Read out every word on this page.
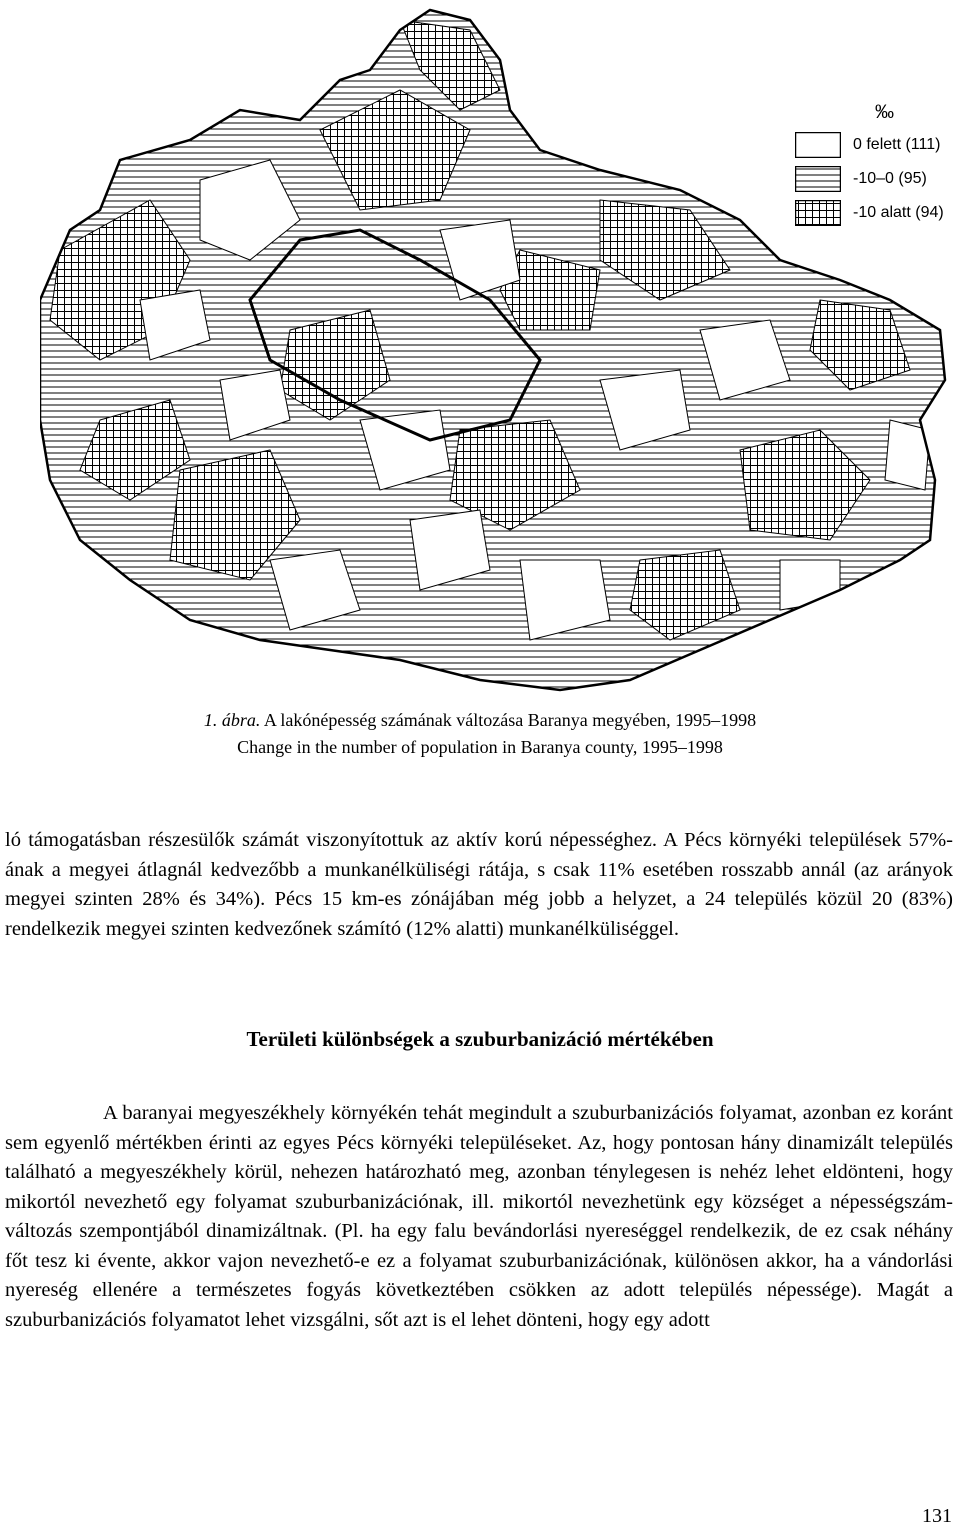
‰
0 felett (111)
-10–0 (95)
-10 alatt (94)
1. ábra. A lakónépesség számának változása Baranya megyében, 1995–1998
Change in the number of population in Baranya county, 1995–1998

ló támogatásban részesülők számát viszonyítottuk az aktív korú népességhez. A Pécs környéki települések 57%-ának a megyei átlagnál kedvezőbb a munkanélküliségi rátája, s csak 11% esetében rosszabb annál (az arányok megyei szinten 28% és 34%). Pécs 15 km-es zónájában még jobb a helyzet, a 24 település közül 20 (83%) rendelkezik megyei szinten kedvezőnek számító (12% alatti) munkanélküliséggel.

Területi különbségek a szuburbanizáció mértékében

A baranyai megyeszékhely környékén tehát megindult a szuburbanizációs folyamat, azonban ez koránt sem egyenlő mértékben érinti az egyes Pécs környéki településeket. Az, hogy pontosan hány dinamizált település található a megyeszékhely körül, nehezen határozható meg, azonban ténylegesen is nehéz lehet eldönteni, hogy mikortól nevezhető egy folyamat szuburbanizációnak, ill. mikortól nevezhetünk egy községet a népességszám-változás szempontjából dinamizáltnak. (Pl. ha egy falu bevándorlási nyereséggel rendelkezik, de ez csak néhány főt tesz ki évente, akkor vajon nevezhető-e ez a folyamat szuburbanizációnak, különösen akkor, ha a vándorlási nyereség ellenére a természetes fogyás következtében csökken az adott település népessége). Magát a szuburbanizációs folyamatot lehet vizsgálni, sőt azt is el lehet dönteni, hogy egy adott

131
